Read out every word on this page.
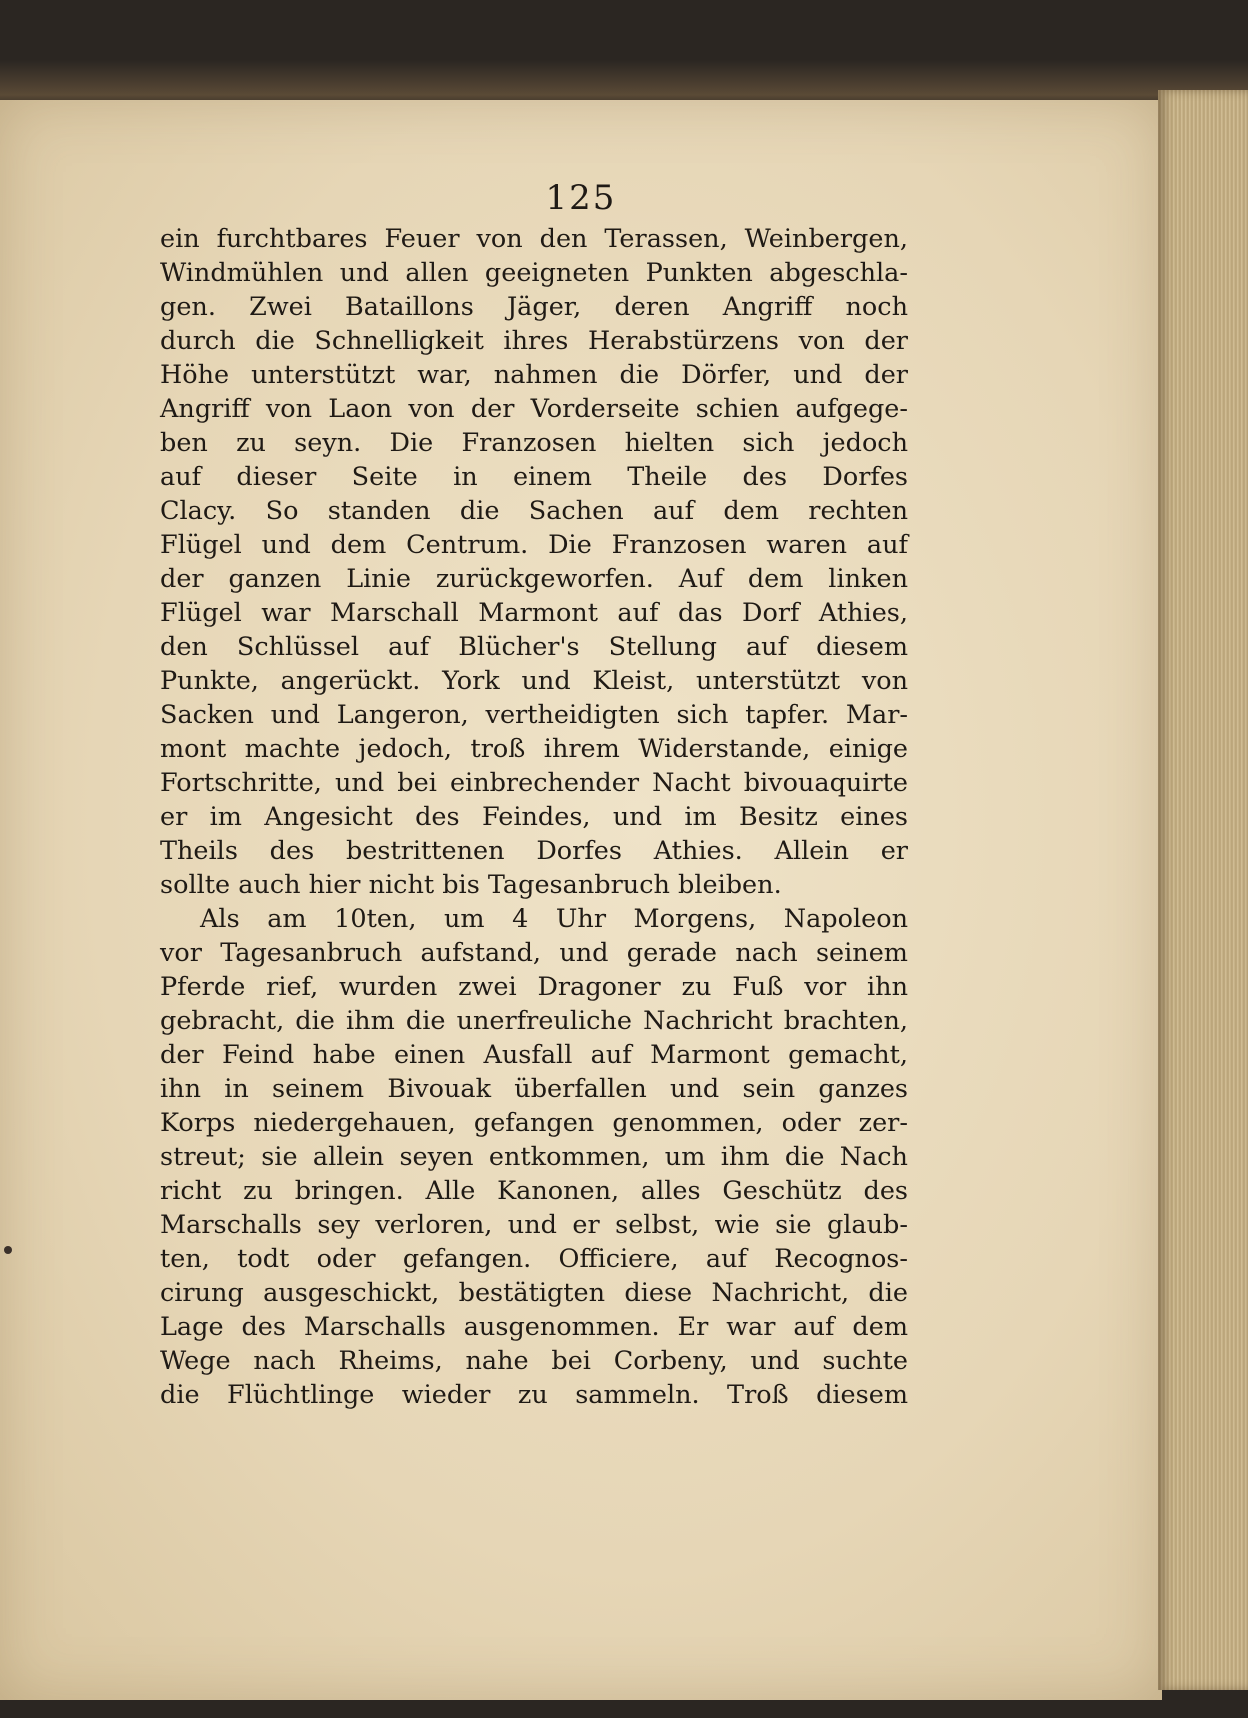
125
ein furchtbares Feuer von den Terassen, Weinbergen,
Windmühlen und allen geeigneten Punkten abgeschla-
gen. Zwei Bataillons Jäger, deren Angriff noch
durch die Schnelligkeit ihres Herabstürzens von der
Höhe unterstützt war, nahmen die Dörfer, und der
Angriff von Laon von der Vorderseite schien aufgege-
ben zu seyn. Die Franzosen hielten sich jedoch
auf dieser Seite in einem Theile des Dorfes
Clacy. So standen die Sachen auf dem rechten
Flügel und dem Centrum. Die Franzosen waren auf
der ganzen Linie zurückgeworfen. Auf dem linken
Flügel war Marschall Marmont auf das Dorf Athies,
den Schlüssel auf Blücher's Stellung auf diesem
Punkte, angerückt. York und Kleist, unterstützt von
Sacken und Langeron, vertheidigten sich tapfer. Mar-
mont machte jedoch, troß ihrem Widerstande, einige
Fortschritte, und bei einbrechender Nacht bivouaquirte
er im Angesicht des Feindes, und im Besitz eines
Theils des bestrittenen Dorfes Athies. Allein er
sollte auch hier nicht bis Tagesanbruch bleiben.
Als am 10ten, um 4 Uhr Morgens, Napoleon
vor Tagesanbruch aufstand, und gerade nach seinem
Pferde rief, wurden zwei Dragoner zu Fuß vor ihn
gebracht, die ihm die unerfreuliche Nachricht brachten,
der Feind habe einen Ausfall auf Marmont gemacht,
ihn in seinem Bivouak überfallen und sein ganzes
Korps niedergehauen, gefangen genommen, oder zer-
streut; sie allein seyen entkommen, um ihm die Nach
richt zu bringen. Alle Kanonen, alles Geschütz des
Marschalls sey verloren, und er selbst, wie sie glaub-
ten, todt oder gefangen. Officiere, auf Recognos-
cirung ausgeschickt, bestätigten diese Nachricht, die
Lage des Marschalls ausgenommen. Er war auf dem
Wege nach Rheims, nahe bei Corbeny, und suchte
die Flüchtlinge wieder zu sammeln. Troß diesem
